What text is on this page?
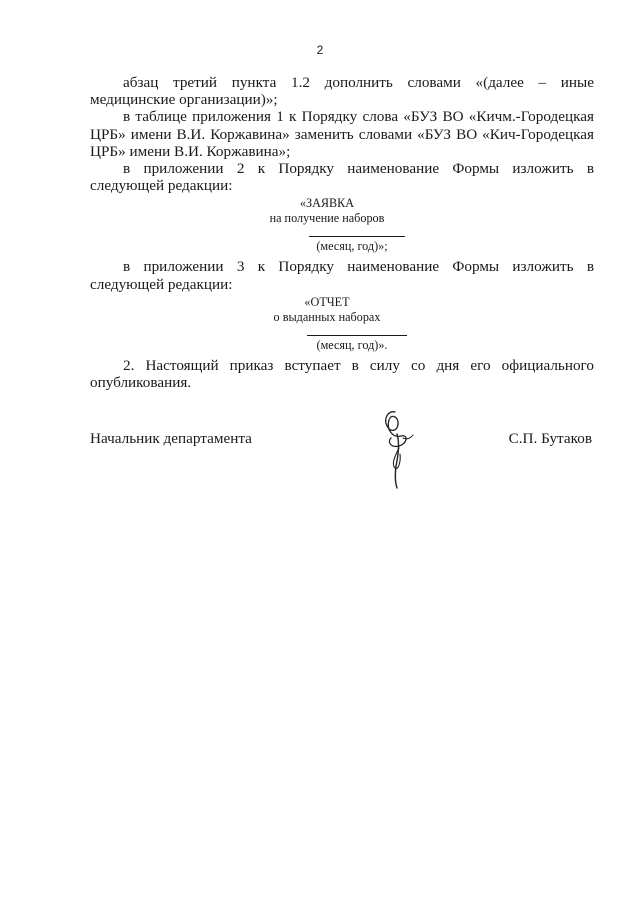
2

абзац третий пункта 1.2 дополнить словами «(далее – иные медицинские организации)»;

в таблице приложения 1 к Порядку слова «БУЗ ВО «Кичм.-Городецкая ЦРБ» имени В.И. Коржавина» заменить словами «БУЗ ВО «Кич-Городецкая ЦРБ» имени В.И. Коржавина»;

в приложении 2 к Порядку наименование Формы изложить в следующей редакции:

«ЗАЯВКА
на получение наборов
(месяц, год)»;

в приложении 3 к Порядку наименование Формы изложить в следующей редакции:

«ОТЧЕТ
о выданных наборах
(месяц, год)».

2. Настоящий приказ вступает в силу со дня его официального опубликования.

Начальник департамента	С.П. Бутаков
